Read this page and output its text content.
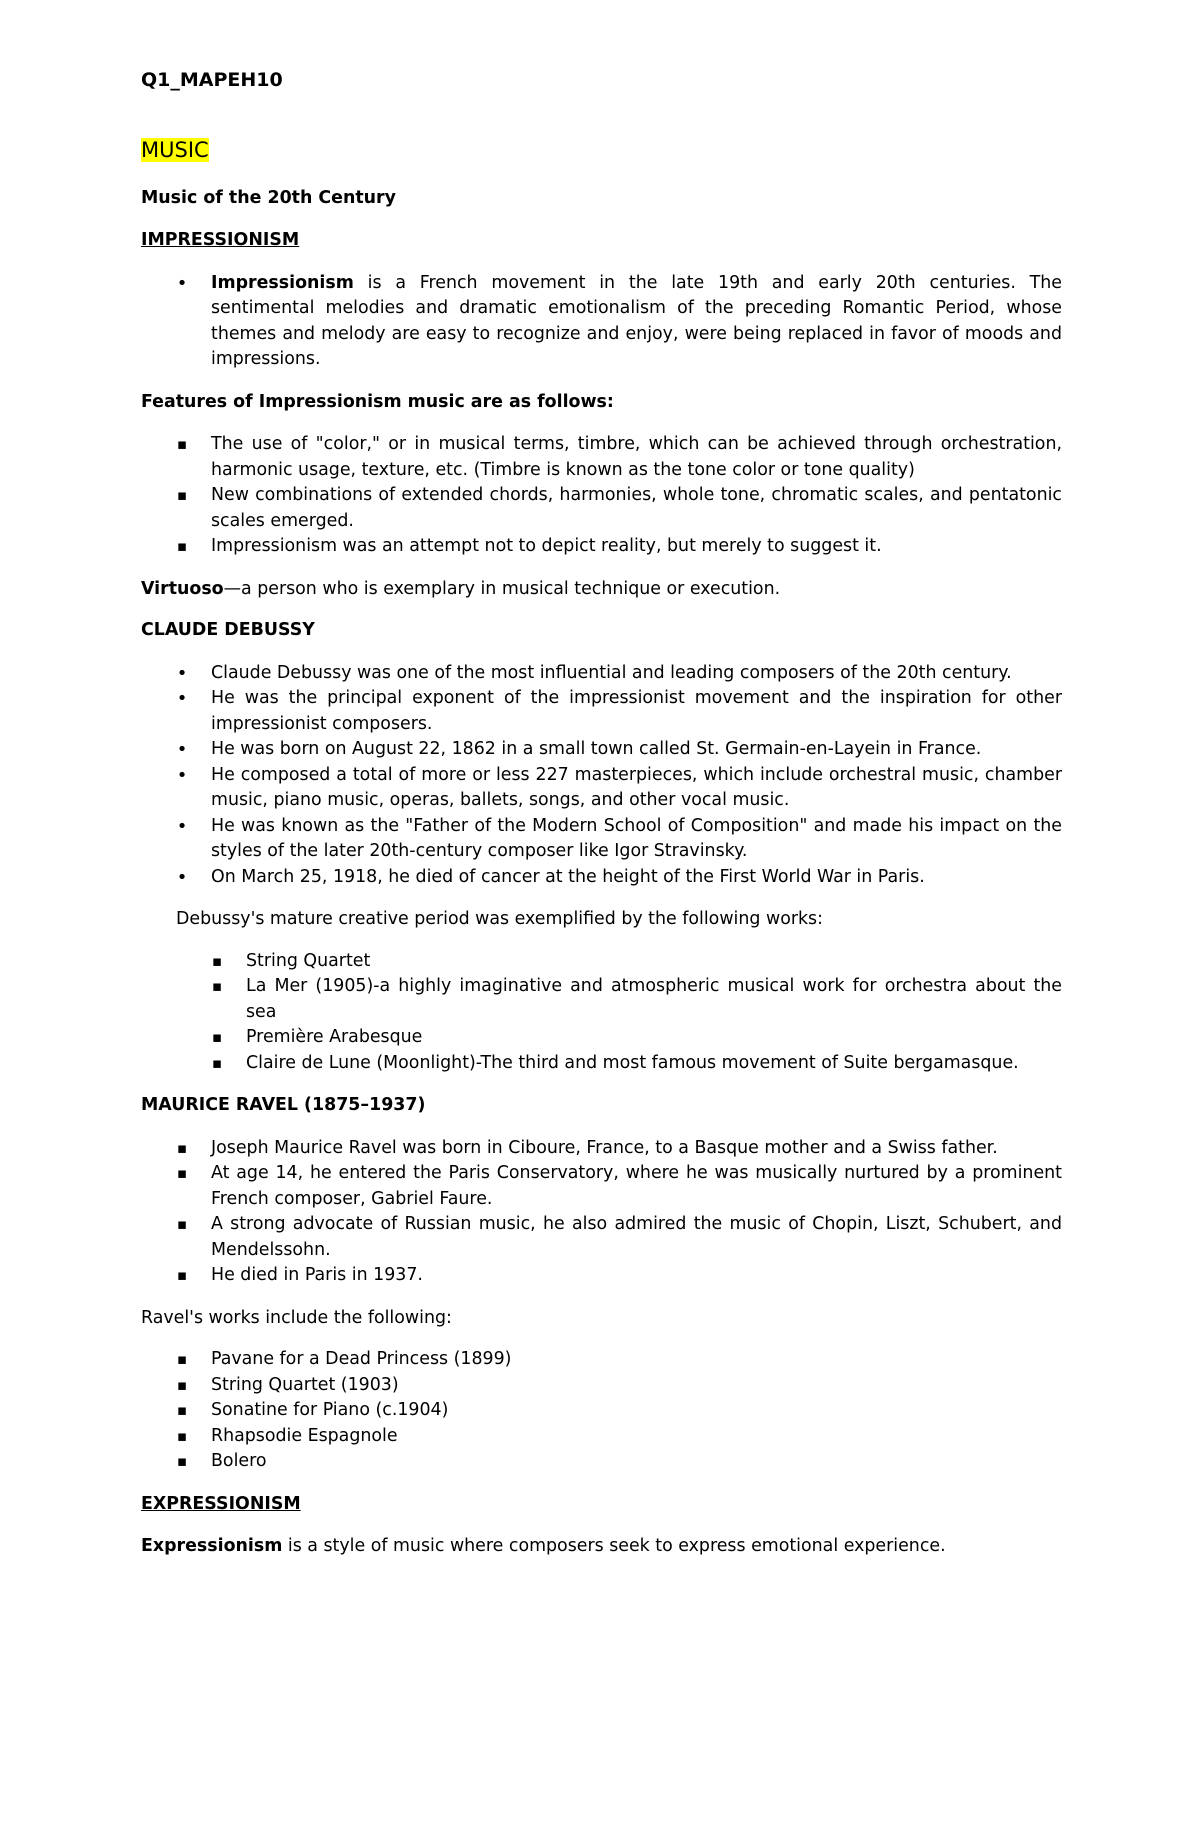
Q1_MAPEH10
MUSIC
Music of the 20th Century
IMPRESSIONISM
•
Impressionism is a French movement in the late 19th and early 20th centuries. The sentimental melodies and dramatic emotionalism of the preceding Romantic Period, whose themes and melody are easy to recognize and enjoy, were being replaced in favor of moods and impressions.
Features of Impressionism music are as follows:
▪
The use of "color," or in musical terms, timbre, which can be achieved through orchestration, harmonic usage, texture, etc. (Timbre is known as the tone color or tone quality)
▪
New combinations of extended chords, harmonies, whole tone, chromatic scales, and pentatonic scales emerged.
▪
Impressionism was an attempt not to depict reality, but merely to suggest it.

Virtuoso—a person who is exemplary in musical technique or execution.

CLAUDE DEBUSSY
•
Claude Debussy was one of the most influential and leading composers of the 20th century.
•
He was the principal exponent of the impressionist movement and the inspiration for other impressionist composers.
•
He was born on August 22, 1862 in a small town called St. Germain-en-Layein in France.
•
He composed a total of more or less 227 masterpieces, which include orchestral music, chamber music, piano music, operas, ballets, songs, and other vocal music.
•
He was known as the "Father of the Modern School of Composition" and made his impact on the styles of the later 20th-century composer like Igor Stravinsky.
•
On March 25, 1918, he died of cancer at the height of the First World War in Paris.

Debussy's mature creative period was exemplified by the following works:

▪
String Quartet
▪
La Mer (1905)-a highly imaginative and atmospheric musical work for orchestra about the sea
▪
Première Arabesque
▪
Claire de Lune (Moonlight)-The third and most famous movement of Suite bergamasque.
MAURICE RAVEL (1875–1937)
▪
Joseph Maurice Ravel was born in Ciboure, France, to a Basque mother and a Swiss father.
▪
At age 14, he entered the Paris Conservatory, where he was musically nurtured by a prominent French composer, Gabriel Faure.
▪
A strong advocate of Russian music, he also admired the music of Chopin, Liszt, Schubert, and Mendelssohn.
▪
He died in Paris in 1937.

Ravel's works include the following:

▪
Pavane for a Dead Princess (1899)
▪
String Quartet (1903)
▪
Sonatine for Piano (c.1904)
▪
Rhapsodie Espagnole
▪
Bolero
EXPRESSIONISM

Expressionism is a style of music where composers seek to express emotional experience.
